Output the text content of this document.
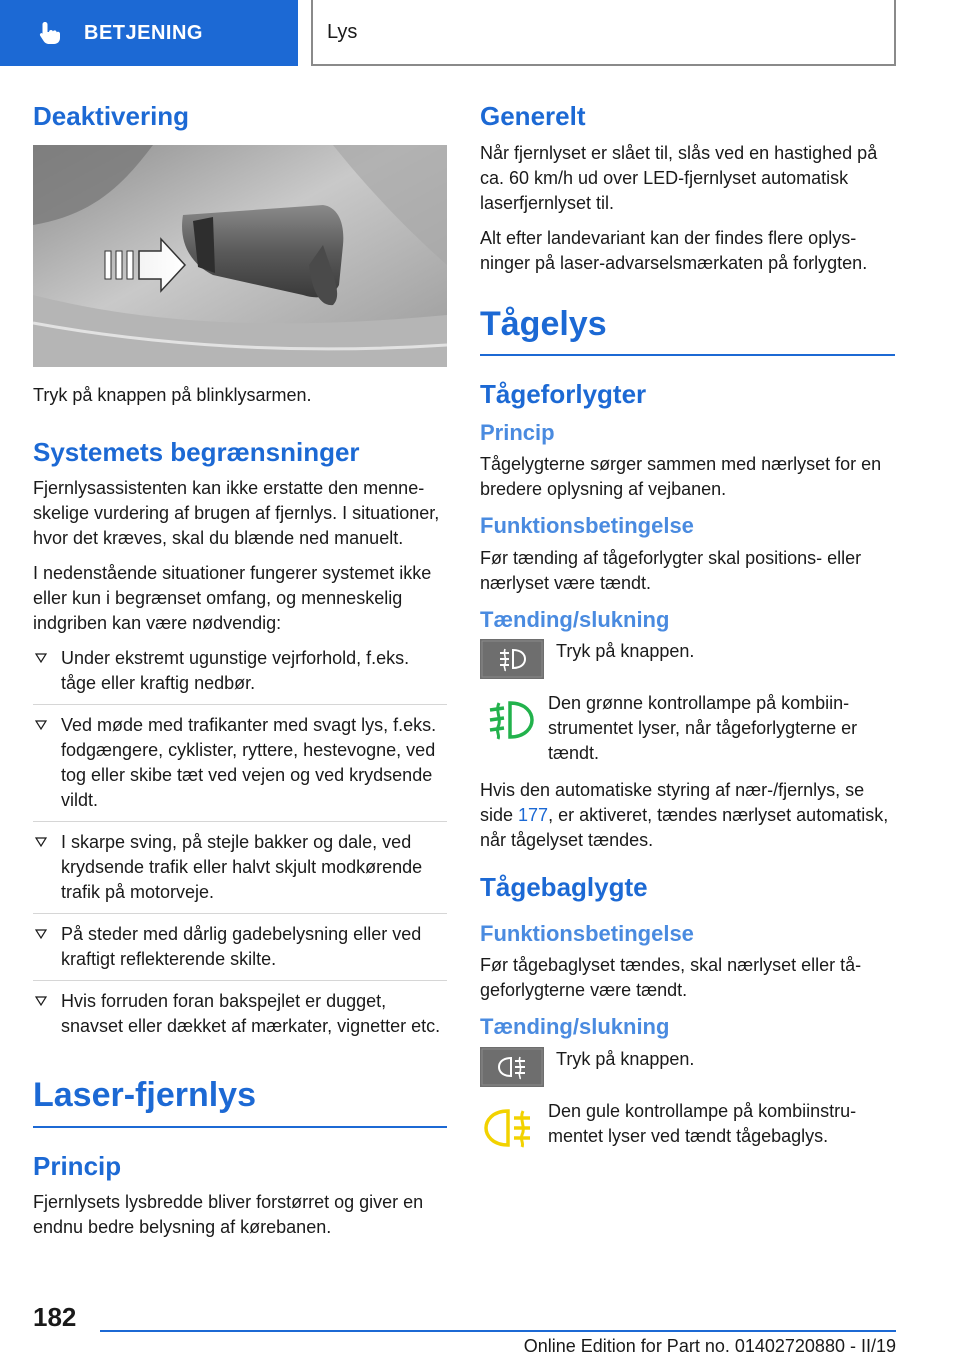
BETJENING	Lys
Deaktivering

Tryk på knappen på blinklysarmen.

Systemets begrænsninger

Fjernlysassistenten kan ikke erstatte den menneskelige vurdering af brugen af fjernlys. I situationer, hvor det kræves, skal du blænde ned manuelt.

I nedenstående situationer fungerer systemet ikke eller kun i begrænset omfang, og menneskelig indgriben kan være nødvendig:

Under ekstremt ugunstige vejrforhold, f.eks. tåge eller kraftig nedbør.
Ved møde med trafikanter med svagt lys, f.eks. fodgængere, cyklister, ryttere, hestevogne, ved tog eller skibe tæt ved vejen og ved krydsende vildt.
I skarpe sving, på stejle bakker og dale, ved krydsende trafik eller halvt skjult modkørende trafik på motorveje.
På steder med dårlig gadebelysning eller ved kraftigt reflekterende skilte.
Hvis forruden foran bakspejlet er dugget, snavset eller dækket af mærkater, vignetter etc.
Laser-fjernlys
Princip

Fjernlysets lysbredde bliver forstørret og giver en endnu bedre belysning af kørebanen.

Generelt

Når fjernlyset er slået til, slås ved en hastighed på ca. 60 km/h ud over LED-fjernlyset automatisk laserfjernlyset til.

Alt efter landevariant kan der findes flere oplysninger på laser-advarselsmærkaten på forlygten.

Tågelys
Tågeforlygter
Princip

Tågelygterne sørger sammen med nærlyset for en bredere oplysning af vejbanen.

Funktionsbetingelse

Før tænding af tågeforlygter skal positions- eller nærlyset være tændt.

Tænding/slukning

Tryk på knappen.

Den grønne kontrollampe på kombiinstrumentet lyser, når tågeforlygterne er tændt.

Hvis den automatiske styring af nær-/fjernlys, se side 177, er aktiveret, tændes nærlyset automatisk, når tågelyset tændes.

Tågebaglygte
Funktionsbetingelse

Før tågebaglyset tændes, skal nærlyset eller tågeforlygterne være tændt.

Tænding/slukning

Tryk på knappen.

Den gule kontrollampe på kombiinstrumentet lyser ved tændt tågebaglys.

182
Online Edition for Part no. 01402720880 - II/19
